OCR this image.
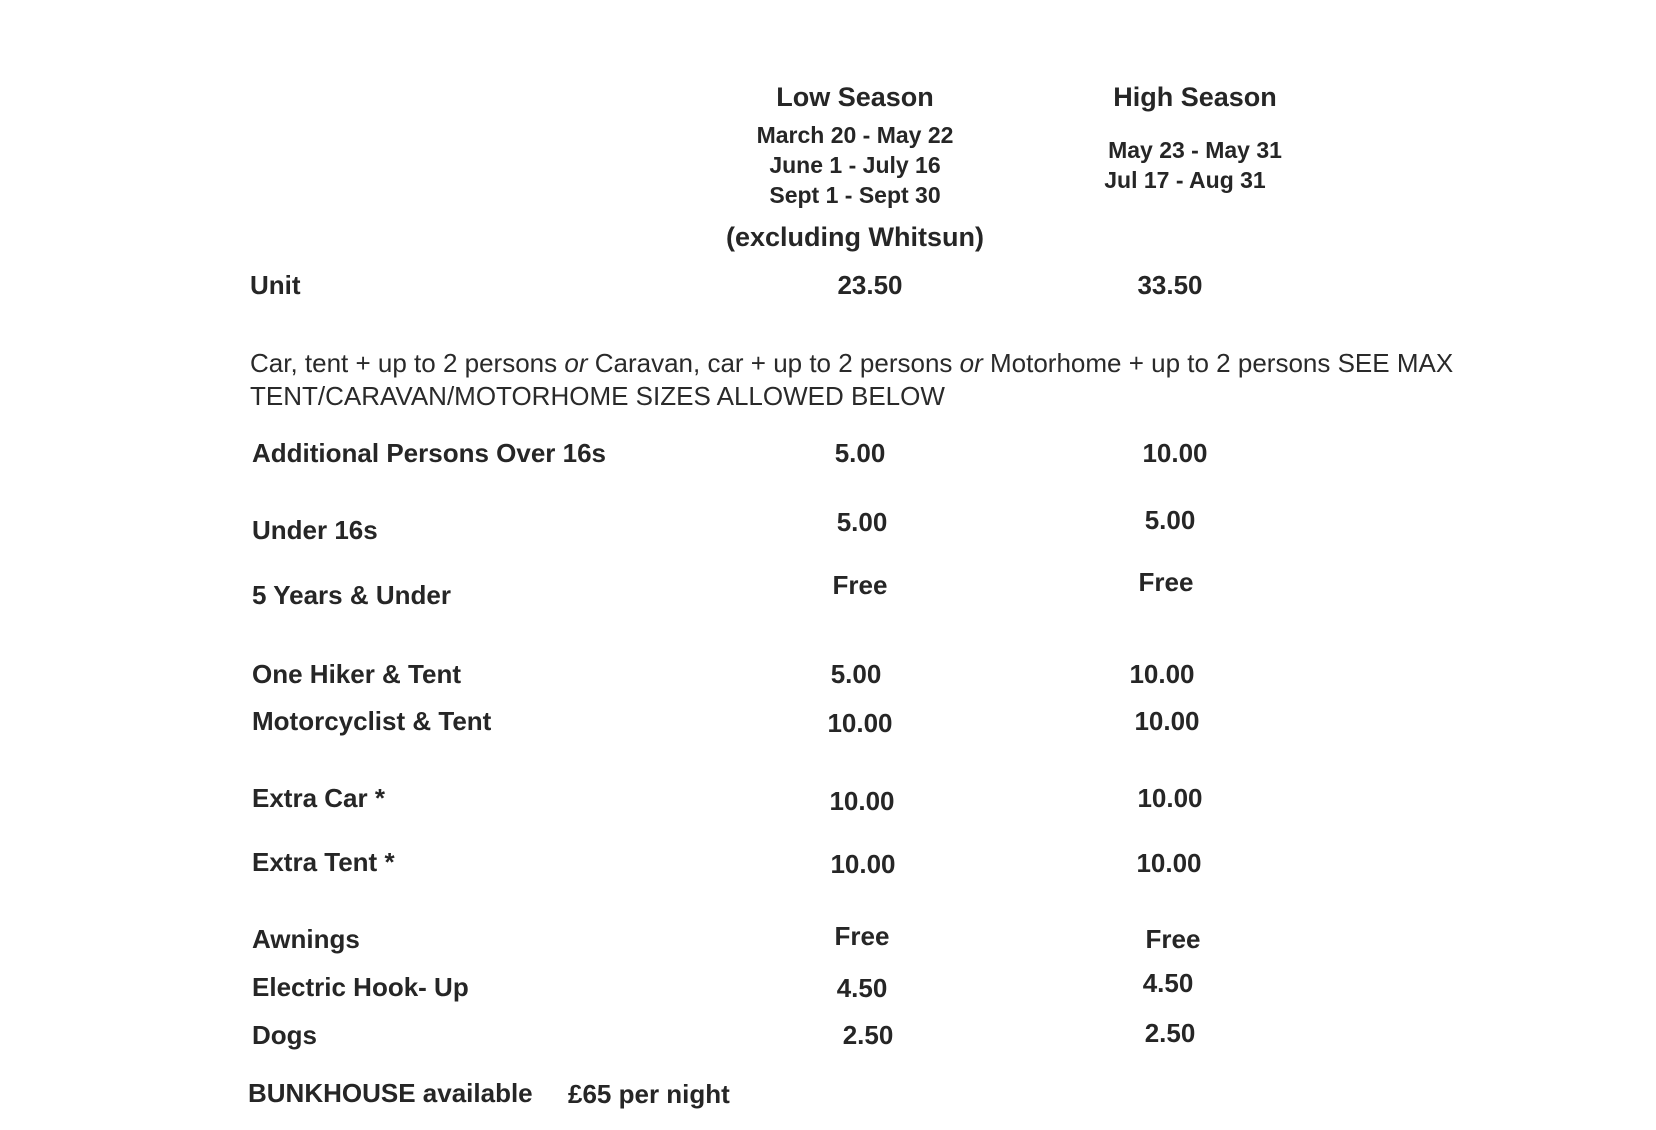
Low Season
March 20 - May 22
June 1 - July 16
Sept 1 - Sept 30
(excluding Whitsun)
High Season
May 23 - May 31
Jul 17 - Aug 31
Unit	23.50	33.50
Car, tent + up to 2 persons or Caravan, car + up to 2 persons or Motorhome + up to 2 persons SEE MAX
TENT/CARAVAN/MOTORHOME SIZES ALLOWED BELOW
Additional Persons Over 16s	5.00	10.00
Under 16s	5.00	5.00
5 Years & Under	Free	Free
One Hiker & Tent	5.00	10.00
Motorcyclist & Tent	10.00	10.00
Extra Car *	10.00	10.00
Extra Tent *	10.00	10.00
Awnings	Free	Free
Electric Hook- Up	4.50	4.50
Dogs	2.50	2.50
BUNKHOUSE available £65 per night
